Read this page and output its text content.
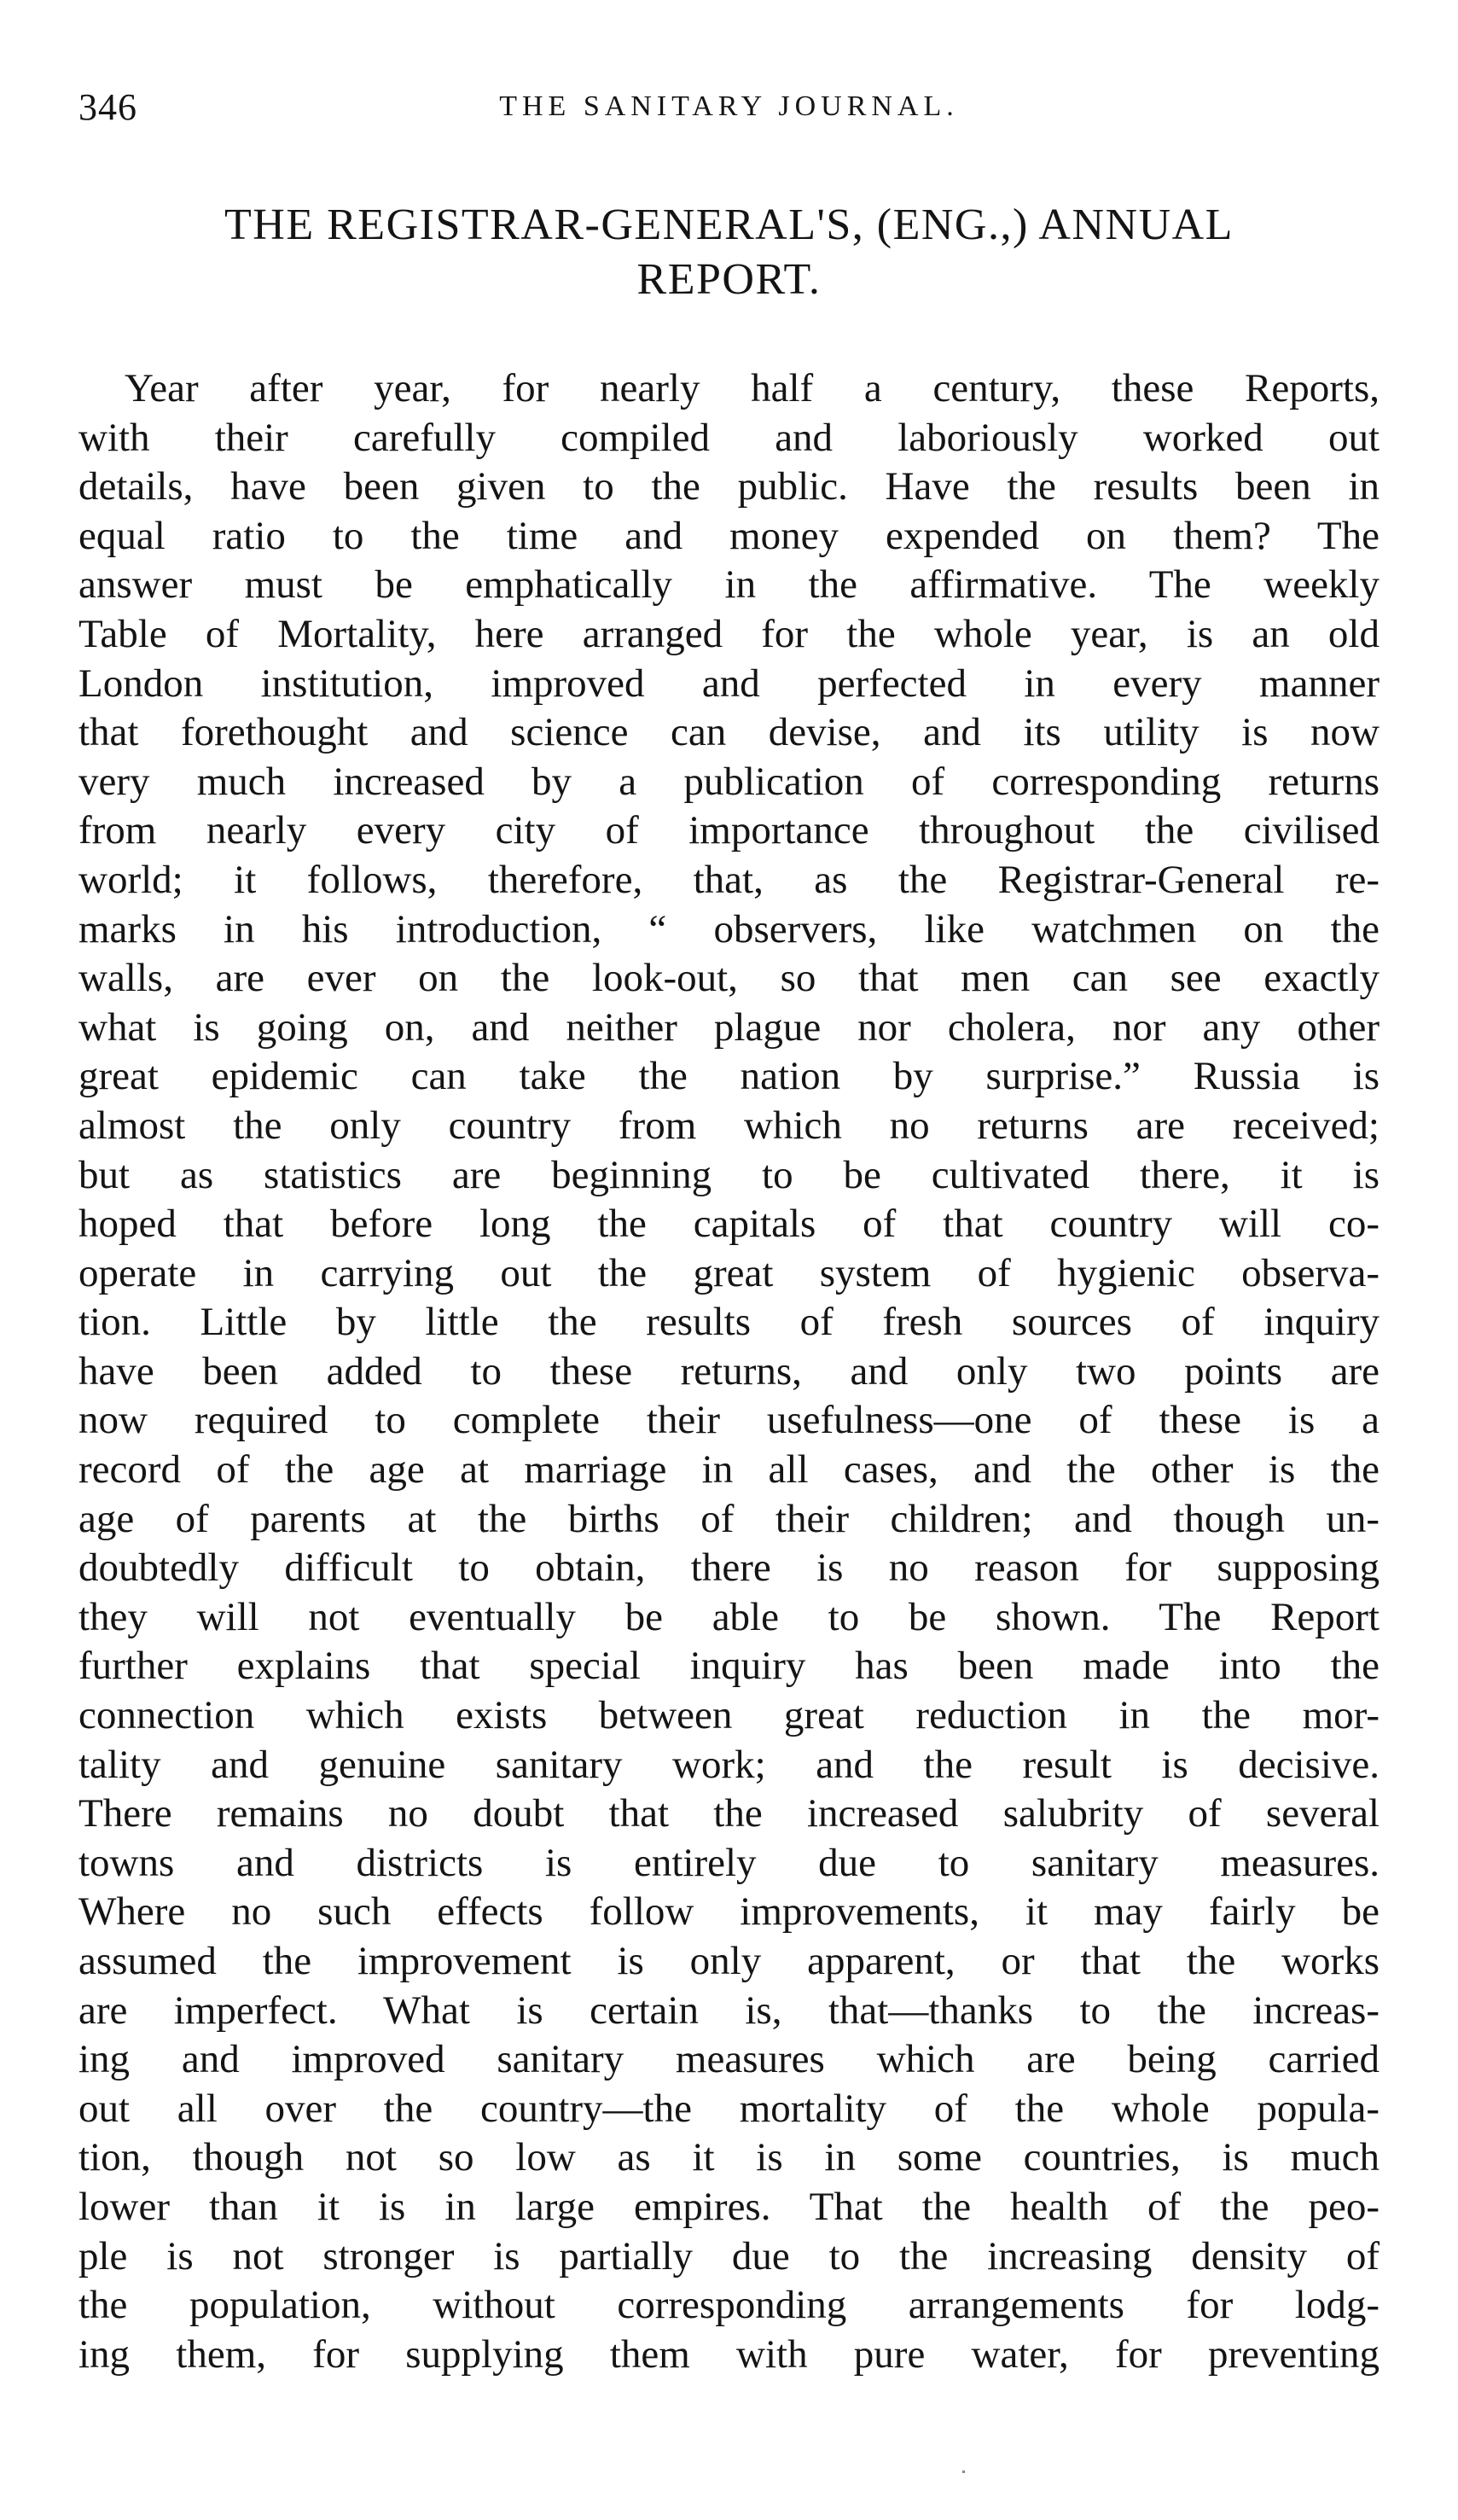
346	THE SANITARY JOURNAL.
THE REGISTRAR-GENERAL'S, (ENG.,) ANNUAL
REPORT.
Year after year, for nearly half a century, these Reports,
with their carefully compiled and laboriously worked out
details, have been given to the public. Have the results been in
equal ratio to the time and money expended on them? The
answer must be emphatically in the affirmative. The weekly
Table of Mortality, here arranged for the whole year, is an old
London institution, improved and perfected in every manner
that forethought and science can devise, and its utility is now
very much increased by a publication of corresponding returns
from nearly every city of importance throughout the civilised
world; it follows, therefore, that, as the Registrar-General re-
marks in his introduction, “ observers, like watchmen on the
walls, are ever on the look-out, so that men can see exactly
what is going on, and neither plague nor cholera, nor any other
great epidemic can take the nation by surprise.” Russia is
almost the only country from which no returns are received;
but as statistics are beginning to be cultivated there, it is
hoped that before long the capitals of that country will co-
operate in carrying out the great system of hygienic observa-
tion. Little by little the results of fresh sources of inquiry
have been added to these returns, and only two points are
now required to complete their usefulness—one of these is a
record of the age at marriage in all cases, and the other is the
age of parents at the births of their children; and though un-
doubtedly difficult to obtain, there is no reason for supposing
they will not eventually be able to be shown. The Report
further explains that special inquiry has been made into the
connection which exists between great reduction in the mor-
tality and genuine sanitary work; and the result is decisive.
There remains no doubt that the increased salubrity of several
towns and districts is entirely due to sanitary measures.
Where no such effects follow improvements, it may fairly be
assumed the improvement is only apparent, or that the works
are imperfect. What is certain is, that—thanks to the increas-
ing and improved sanitary measures which are being carried
out all over the country—the mortality of the whole popula-
tion, though not so low as it is in some countries, is much
lower than it is in large empires. That the health of the peo-
ple is not stronger is partially due to the increasing density of
the population, without corresponding arrangements for lodg-
ing them, for supplying them with pure water, for preventing
